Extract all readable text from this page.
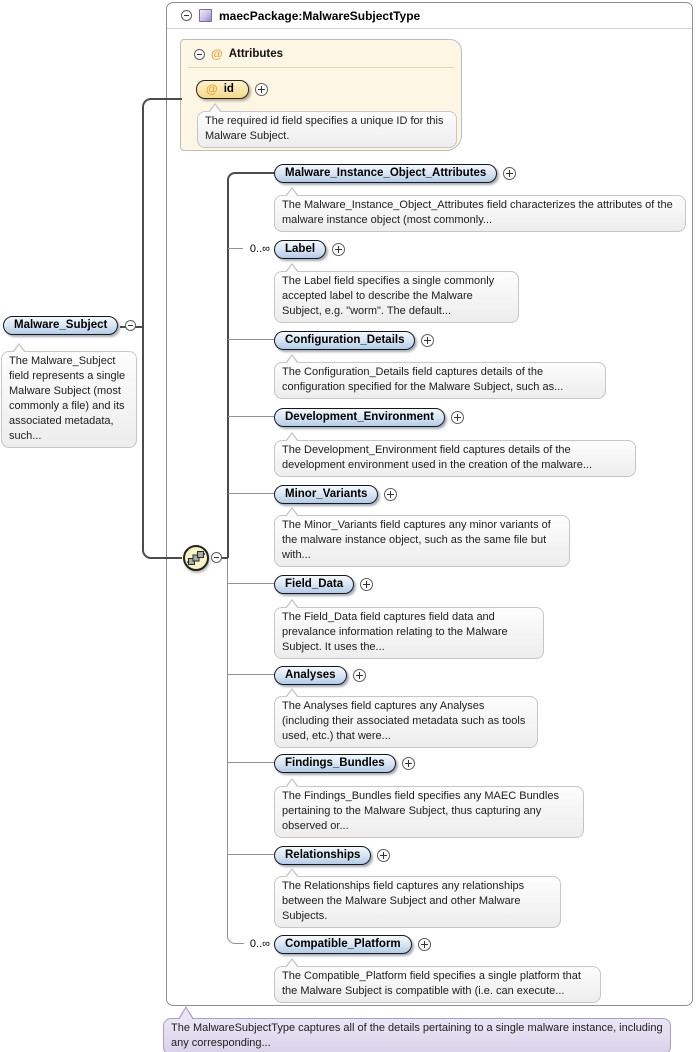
maecPackage:MalwareSubjectType
@ Attributes
@ id
The required id field specifies a unique ID for this Malware Subject.
Malware_Subject
The Malware_Subject field represents a single Malware Subject (most commonly a file) and its associated metadata, such...
Malware_Instance_Object_Attributes
The Malware_Instance_Object_Attributes field characterizes the attributes of the malware instance object (most commonly...
0..∞	Label
The Label field specifies a single commonly accepted label to describe the Malware Subject, e.g. "worm". The default...
Configuration_Details
The Configuration_Details field captures details of the configuration specified for the Malware Subject, such as...
Development_Environment
The Development_Environment field captures details of the development environment used in the creation of the malware...
Minor_Variants
The Minor_Variants field captures any minor variants of the malware instance object, such as the same file but with...
Field_Data
The Field_Data field captures field data and prevalance information relating to the Malware Subject. It uses the...
Analyses
The Analyses field captures any Analyses (including their associated metadata such as tools used, etc.) that were...
Findings_Bundles
The Findings_Bundles field specifies any MAEC Bundles pertaining to the Malware Subject, thus capturing any observed or...
Relationships
The Relationships field captures any relationships between the Malware Subject and other Malware Subjects.
0..∞	Compatible_Platform
The Compatible_Platform field specifies a single platform that the Malware Subject is compatible with (i.e. can execute...
The MalwareSubjectType captures all of the details pertaining to a single malware instance, including any corresponding...
